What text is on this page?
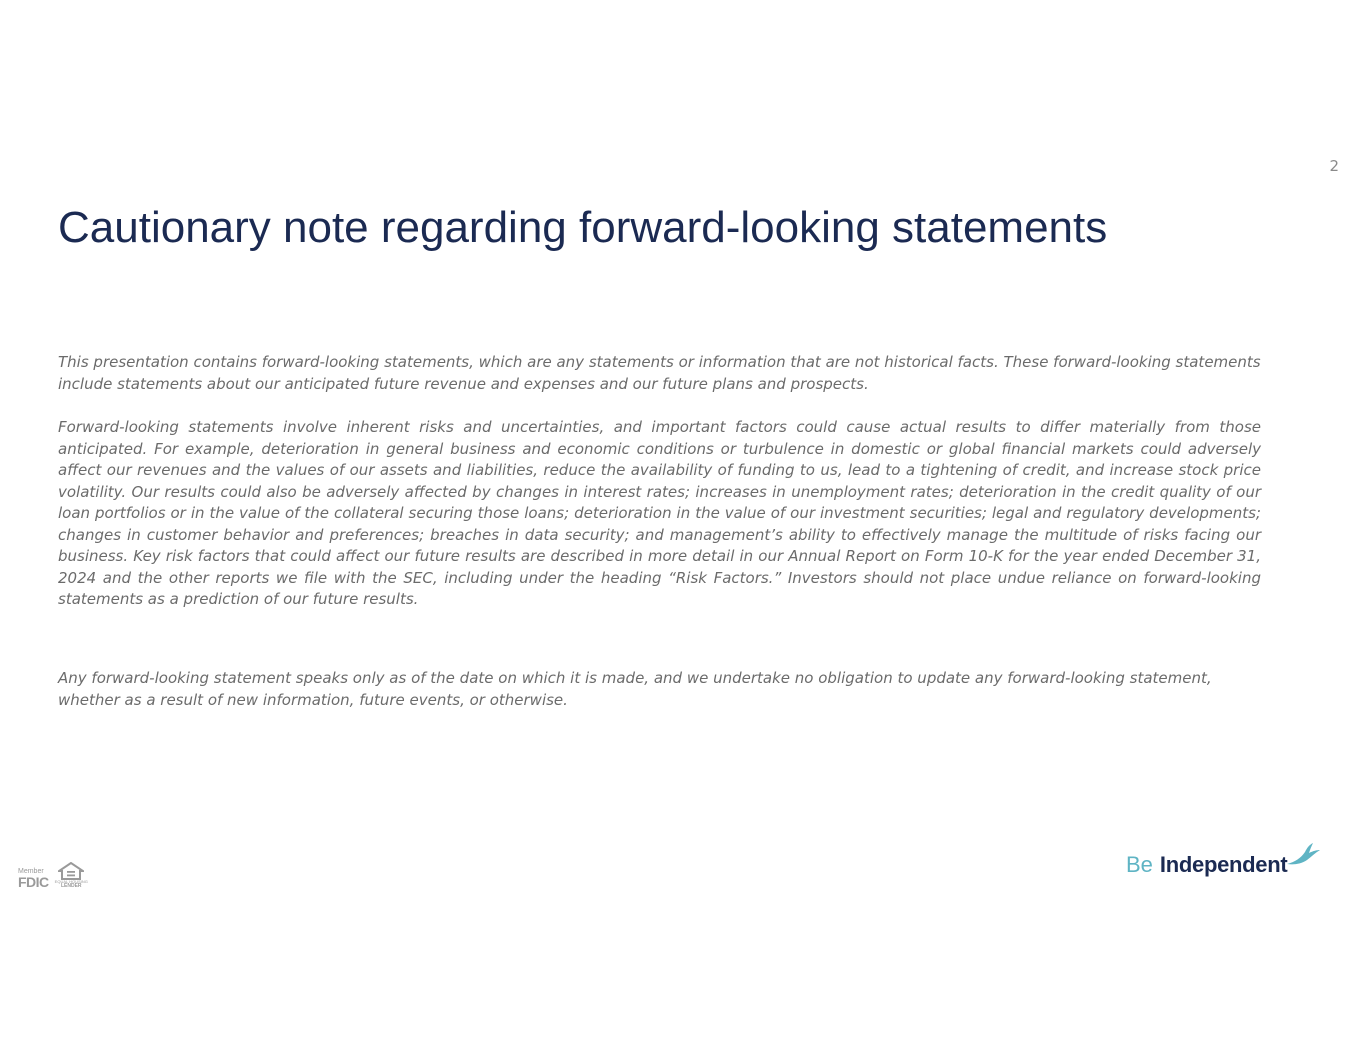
2
Cautionary note regarding forward-looking statements

This presentation contains forward-looking statements, which are any statements or information that are not historical facts. These forward-looking statements include statements about our anticipated future revenue and expenses and our future plans and prospects.

Forward-looking statements involve inherent risks and uncertainties, and important factors could cause actual results to differ materially from those anticipated. For example, deterioration in general business and economic conditions or turbulence in domestic or global financial markets could adversely affect our revenues and the values of our assets and liabilities, reduce the availability of funding to us, lead to a tightening of credit, and increase stock price volatility. Our results could also be adversely affected by changes in interest rates; increases in unemployment rates; deterioration in the credit quality of our loan portfolios or in the value of the collateral securing those loans; deterioration in the value of our investment securities; legal and regulatory developments; changes in customer behavior and preferences; breaches in data security; and management’s ability to effectively manage the multitude of risks facing our business. Key risk factors that could affect our future results are described in more detail in our Annual Report on Form 10-K for the year ended December 31, 2024 and the other reports we file with the SEC, including under the heading “Risk Factors.” Investors should not place undue reliance on forward-looking statements as a prediction of our future results.

Any forward-looking statement speaks only as of the date on which it is made, and we undertake no obligation to update any forward-looking statement, whether as a result of new information, future events, or otherwise.

Member
FDIC EQUAL HOUSING
LENDER
Be Independent
